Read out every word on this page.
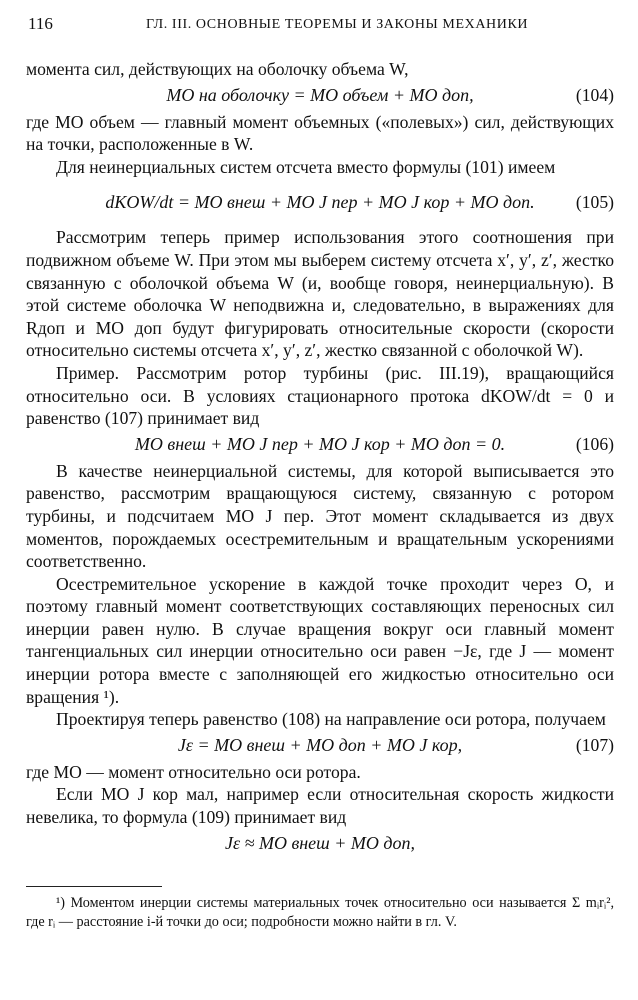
116	ГЛ. III. ОСНОВНЫЕ ТЕОРЕМЫ И ЗАКОНЫ МЕХАНИКИ

момента сил, действующих на оболочку объема W,

MO на оболочку = MO объем + MO доп,	(104)

где MO объем — главный момент объемных («полевых») сил, действующих на точки, расположенные в W.

Для неинерциальных систем отсчета вместо формулы (101) имеем

dKOW/dt = MO внеш + MO J пер + MO J кор + MO доп.	(105)

Рассмотрим теперь пример использования этого соотношения при подвижном объеме W. При этом мы выберем систему отсчета x′, y′, z′, жестко связанную с оболочкой объема W (и, вообще говоря, неинерциальную). В этой системе оболочка W неподвижна и, следовательно, в выражениях для Rдоп и MO доп будут фигурировать относительные скорости (скорости относительно системы отсчета x′, y′, z′, жестко связанной с оболочкой W).

Пример. Рассмотрим ротор турбины (рис. III.19), вращающийся относительно оси. В условиях стационарного протока dKOW/dt = 0 и равенство (107) принимает вид

MO внеш + MO J пер + MO J кор + MO доп = 0.	(106)

В качестве неинерциальной системы, для которой выписывается это равенство, рассмотрим вращающуюся систему, связанную с ротором турбины, и подсчитаем MO J пер. Этот момент складывается из двух моментов, порождаемых осестремительным и вращательным ускорениями соответственно.

Осестремительное ускорение в каждой точке проходит через O, и поэтому главный момент соответствующих составляющих переносных сил инерции равен нулю. В случае вращения вокруг оси главный момент тангенциальных сил инерции относительно оси равен −Jε, где J — момент инерции ротора вместе с заполняющей его жидкостью относительно оси вращения ¹).

Проектируя теперь равенство (108) на направление оси ротора, получаем

Jε = MO внеш + MO доп + MO J кор,	(107)

где MO — момент относительно оси ротора.

Если MO J кор мал, например если относительная скорость жидкости невелика, то формула (109) принимает вид

Jε ≈ MO внеш + MO доп,
¹) Моментом инерции системы материальных точек относительно оси называется Σ mᵢrᵢ², где rᵢ — расстояние i-й точки до оси; подробности можно найти в гл. V.
